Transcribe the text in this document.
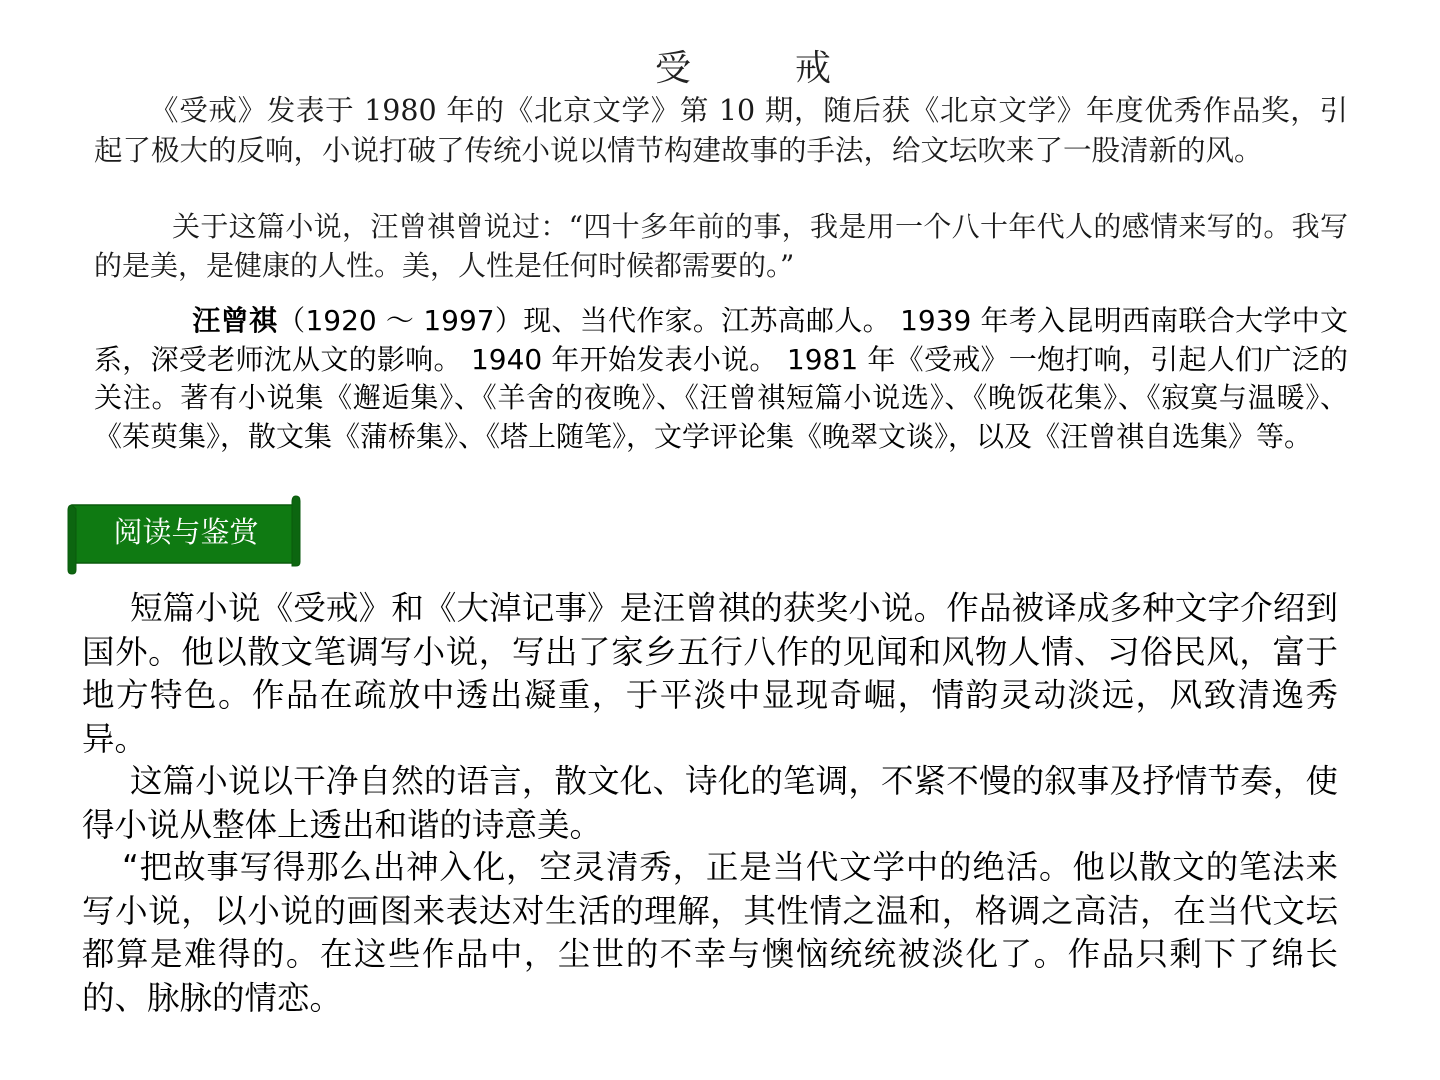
受　戒

《受戒》发表于 1980 年的《北京文学》第 10 期，随后获《北京文学》年度优秀作品奖，引起了极大的反响，小说打破了传统小说以情节构建故事的手法，给文坛吹来了一股清新的风。

关于这篇小说，汪曾祺曾说过：“四十多年前的事，我是用一个八十年代人的感情来写的。我写的是美，是健康的人性。美，人性是任何时候都需要的。”

汪曾祺（1920 ～ 1997）现、当代作家。江苏高邮人。 1939 年考入昆明西南联合大学中文系，深受老师沈从文的影响。 1940 年开始发表小说。 1981 年《受戒》一炮打响，引起人们广泛的关注。著有小说集《邂逅集》、《羊舍的夜晚》、《汪曾祺短篇小说选》、《晚饭花集》、《寂寞与温暖》、《茱萸集》，散文集《蒲桥集》、《塔上随笔》，文学评论集《晚翠文谈》，以及《汪曾祺自选集》等。

阅读与鉴赏

短篇小说《受戒》和《大淖记事》是汪曾祺的获奖小说。作品被译成多种文字介绍到国外。他以散文笔调写小说，写出了家乡五行八作的见闻和风物人情、习俗民风，富于地方特色。作品在疏放中透出凝重，于平淡中显现奇崛，情韵灵动淡远，风致清逸秀异。

这篇小说以干净自然的语言，散文化、诗化的笔调，不紧不慢的叙事及抒情节奏，使得小说从整体上透出和谐的诗意美。

“把故事写得那么出神入化，空灵清秀，正是当代文学中的绝活。他以散文的笔法来写小说，以小说的画图来表达对生活的理解，其性情之温和，格调之高洁，在当代文坛都算是难得的。在这些作品中，尘世的不幸与懊恼统统被淡化了。作品只剩下了绵长的、脉脉的情恋。
